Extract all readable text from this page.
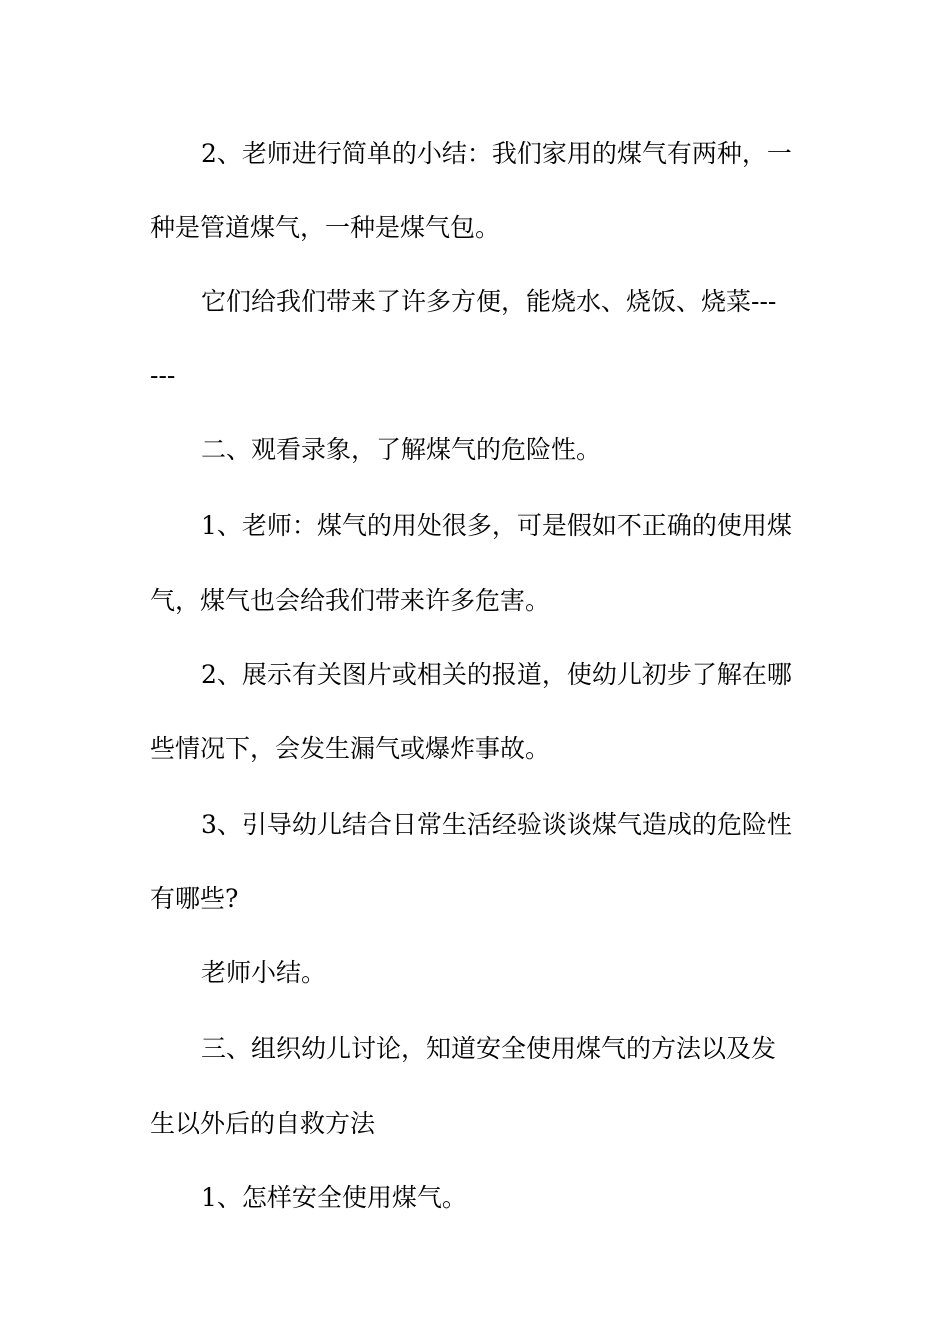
2、老师进行简单的小结：我们家用的煤气有两种，一
种是管道煤气，一种是煤气包。
它们给我们带来了许多方便，能烧水、烧饭、烧菜---
---
二、观看录象，了解煤气的危险性。
1、老师：煤气的用处很多，可是假如不正确的使用煤
气，煤气也会给我们带来许多危害。
2、展示有关图片或相关的报道，使幼儿初步了解在哪
些情况下，会发生漏气或爆炸事故。
3、引导幼儿结合日常生活经验谈谈煤气造成的危险性
有哪些?
老师小结。
三、组织幼儿讨论，知道安全使用煤气的方法以及发
生以外后的自救方法
1、怎样安全使用煤气。
